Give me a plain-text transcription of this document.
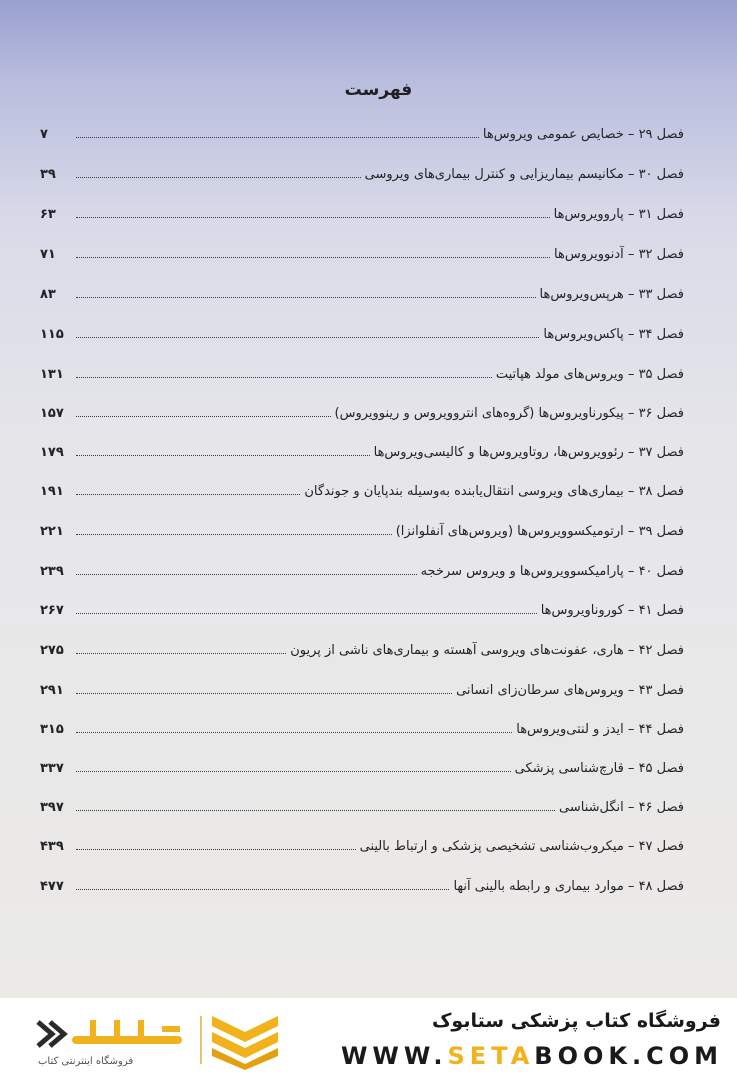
فهرست
فصل ۲۹ – خصایص عمومی ویروس‌ها
۷
فصل ۳۰ – مکانیسم بیماریزایی و کنترل بیماری‌های ویروسی
۳۹
فصل ۳۱ – پاروویروس‌ها
۶۳
فصل ۳۲ – آدنوویروس‌ها
۷۱
فصل ۳۳ – هرپس‌ویروس‌ها
۸۳
فصل ۳۴ – پاکس‌ویروس‌ها
۱۱۵
فصل ۳۵ – ویروس‌های مولد هپاتیت
۱۳۱
فصل ۳۶ – پیکورناویروس‌ها (گروه‌های انتروویروس و رینوویروس)
۱۵۷
فصل ۳۷ – رئوویروس‌ها، روتاویروس‌ها و کالیسی‌ویروس‌ها
۱۷۹
فصل ۳۸ – بیماری‌های ویروسی انتقال‌یابنده به‌وسیله بندپایان و جوندگان
۱۹۱
فصل ۳۹ – ارتومیکسوویروس‌ها (ویروس‌های آنفلوانزا)
۲۲۱
فصل ۴۰ – پارامیکسوویروس‌ها و ویروس سرخجه
۲۳۹
فصل ۴۱ – کوروناویروس‌ها
۲۶۷
فصل ۴۲ – هاری، عفونت‌های ویروسی آهسته و بیماری‌های ناشی از پریون
۲۷۵
فصل ۴۳ – ویروس‌های سرطان‌زای انسانی
۲۹۱
فصل ۴۴ – ایدز و لنتی‌ویروس‌ها
۳۱۵
فصل ۴۵ – قارچ‌شناسی پزشکی
۳۳۷
فصل ۴۶ – انگل‌شناسی
۳۹۷
فصل ۴۷ – میکروب‌شناسی تشخیصی پزشکی و ارتباط بالینی
۴۳۹
فصل ۴۸ – موارد بیماری و رابطه بالینی آنها
۴۷۷
فروشگاه کتاب پزشکی ستابوک
WWW.SETABOOK.COM
فروشگاه اینترنتی کتاب
